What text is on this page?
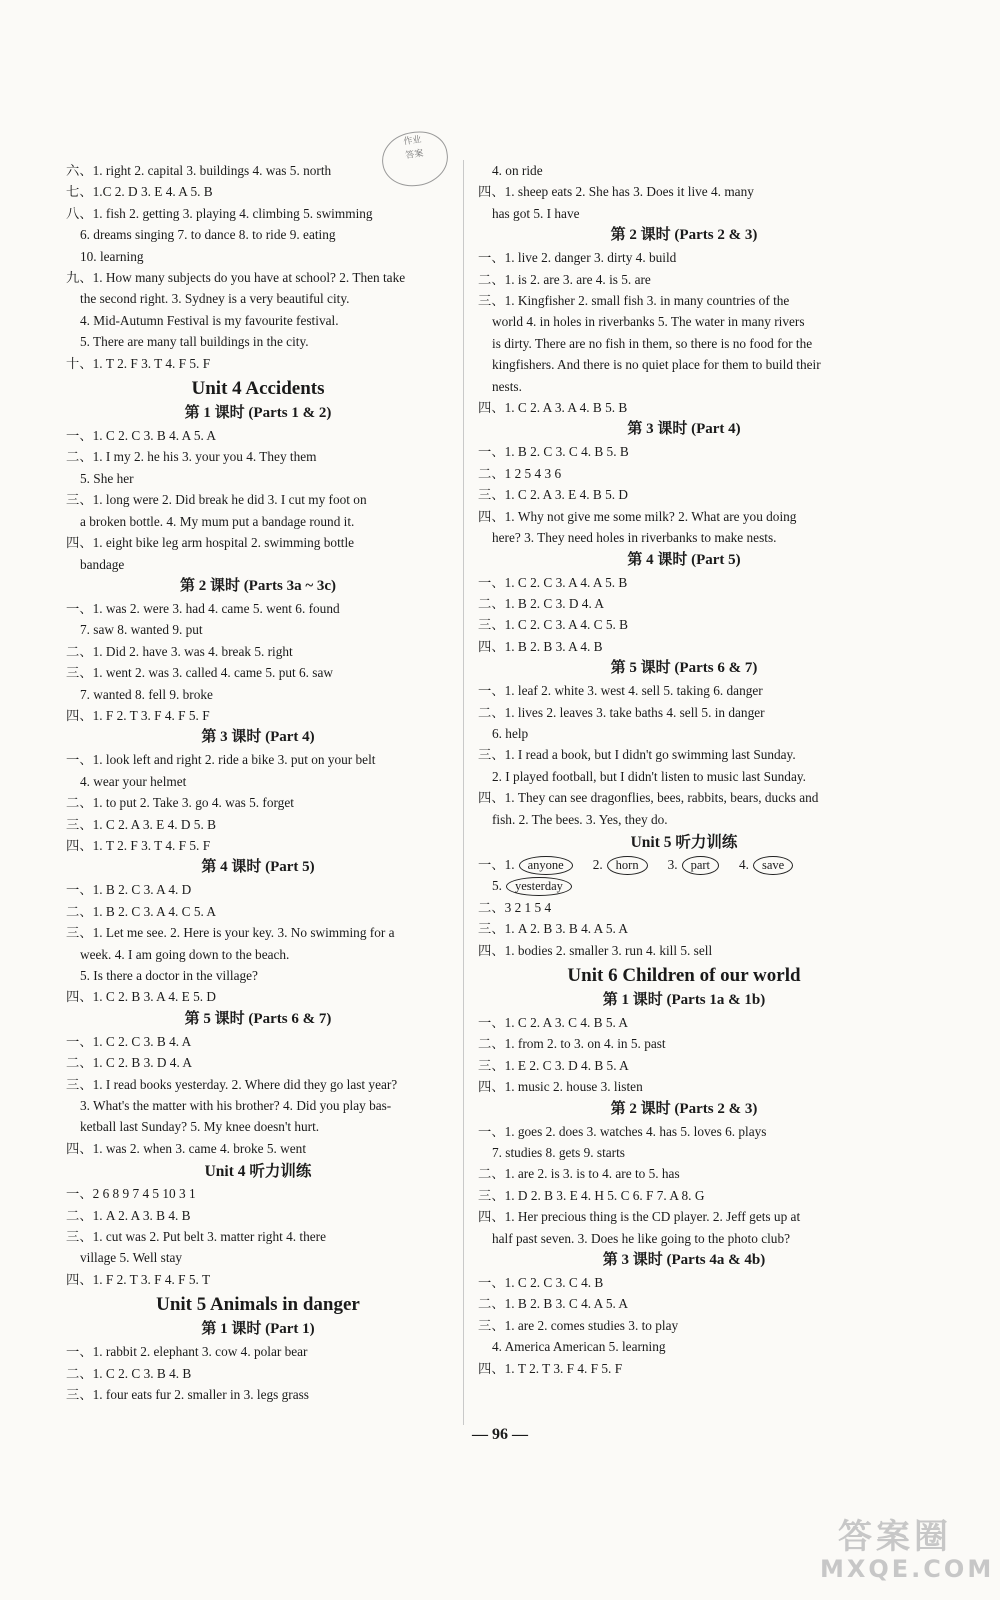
作业
答案
六、1. right 2. capital 3. buildings 4. was 5. north
七、1.C 2. D 3. E 4. A 5. B
八、1. fish 2. getting 3. playing 4. climbing 5. swimming
6. dreams singing 7. to dance 8. to ride 9. eating
10. learning
九、1. How many subjects do you have at school? 2. Then take
the second right. 3. Sydney is a very beautiful city.
4. Mid-Autumn Festival is my favourite festival.
5. There are many tall buildings in the city.
十、1. T 2. F 3. T 4. F 5. F
Unit 4 Accidents
第 1 课时 (Parts 1 & 2)
一、1. C 2. C 3. B 4. A 5. A
二、1. I my 2. he his 3. your you 4. They them
5. She her
三、1. long were 2. Did break he did 3. I cut my foot on
a broken bottle. 4. My mum put a bandage round it.
四、1. eight bike leg arm hospital 2. swimming bottle
bandage
第 2 课时 (Parts 3a ~ 3c)
一、1. was 2. were 3. had 4. came 5. went 6. found
7. saw 8. wanted 9. put
二、1. Did 2. have 3. was 4. break 5. right
三、1. went 2. was 3. called 4. came 5. put 6. saw
7. wanted 8. fell 9. broke
四、1. F 2. T 3. F 4. F 5. F
第 3 课时 (Part 4)
一、1. look left and right 2. ride a bike 3. put on your belt
4. wear your helmet
二、1. to put 2. Take 3. go 4. was 5. forget
三、1. C 2. A 3. E 4. D 5. B
四、1. T 2. F 3. T 4. F 5. F
第 4 课时 (Part 5)
一、1. B 2. C 3. A 4. D
二、1. B 2. C 3. A 4. C 5. A
三、1. Let me see. 2. Here is your key. 3. No swimming for a
week. 4. I am going down to the beach.
5. Is there a doctor in the village?
四、1. C 2. B 3. A 4. E 5. D
第 5 课时 (Parts 6 & 7)
一、1. C 2. C 3. B 4. A
二、1. C 2. B 3. D 4. A
三、1. I read books yesterday. 2. Where did they go last year?
3. What's the matter with his brother? 4. Did you play bas-
ketball last Sunday? 5. My knee doesn't hurt.
四、1. was 2. when 3. came 4. broke 5. went
Unit 4 听力训练
一、2 6 8 9 7 4 5 10 3 1
二、1. A 2. A 3. B 4. B
三、1. cut was 2. Put belt 3. matter right 4. there
village 5. Well stay
四、1. F 2. T 3. F 4. F 5. T
Unit 5 Animals in danger
第 1 课时 (Part 1)
一、1. rabbit 2. elephant 3. cow 4. polar bear
二、1. C 2. C 3. B 4. B
三、1. four eats fur 2. smaller in 3. legs grass
4. on ride
四、1. sheep eats 2. She has 3. Does it live 4. many
has got 5. I have
第 2 课时 (Parts 2 & 3)
一、1. live 2. danger 3. dirty 4. build
二、1. is 2. are 3. are 4. is 5. are
三、1. Kingfisher 2. small fish 3. in many countries of the
world 4. in holes in riverbanks 5. The water in many rivers
is dirty. There are no fish in them, so there is no food for the
kingfishers. And there is no quiet place for them to build their
nests.
四、1. C 2. A 3. A 4. B 5. B
第 3 课时 (Part 4)
一、1. B 2. C 3. C 4. B 5. B
二、1 2 5 4 3 6
三、1. C 2. A 3. E 4. B 5. D
四、1. Why not give me some milk? 2. What are you doing
here? 3. They need holes in riverbanks to make nests.
第 4 课时 (Part 5)
一、1. C 2. C 3. A 4. A 5. B
二、1. B 2. C 3. D 4. A
三、1. C 2. C 3. A 4. C 5. B
四、1. B 2. B 3. A 4. B
第 5 课时 (Parts 6 & 7)
一、1. leaf 2. white 3. west 4. sell 5. taking 6. danger
二、1. lives 2. leaves 3. take baths 4. sell 5. in danger
6. help
三、1. I read a book, but I didn't go swimming last Sunday.
2. I played football, but I didn't listen to music last Sunday.
四、1. They can see dragonflies, bees, rabbits, bears, ducks and
fish. 2. The bees. 3. Yes, they do.
Unit 5 听力训练
一、1. anyone 2. horn 3. part 4. save
5. yesterday
二、3 2 1 5 4
三、1. A 2. B 3. B 4. A 5. A
四、1. bodies 2. smaller 3. run 4. kill 5. sell
Unit 6 Children of our world
第 1 课时 (Parts 1a & 1b)
一、1. C 2. A 3. C 4. B 5. A
二、1. from 2. to 3. on 4. in 5. past
三、1. E 2. C 3. D 4. B 5. A
四、1. music 2. house 3. listen
第 2 课时 (Parts 2 & 3)
一、1. goes 2. does 3. watches 4. has 5. loves 6. plays
7. studies 8. gets 9. starts
二、1. are 2. is 3. is to 4. are to 5. has
三、1. D 2. B 3. E 4. H 5. C 6. F 7. A 8. G
四、1. Her precious thing is the CD player. 2. Jeff gets up at
half past seven. 3. Does he like going to the photo club?
第 3 课时 (Parts 4a & 4b)
一、1. C 2. C 3. C 4. B
二、1. B 2. B 3. C 4. A 5. A
三、1. are 2. comes studies 3. to play
4. America American 5. learning
四、1. T 2. T 3. F 4. F 5. F
— 96 —
答案圈
MXQE.COM
